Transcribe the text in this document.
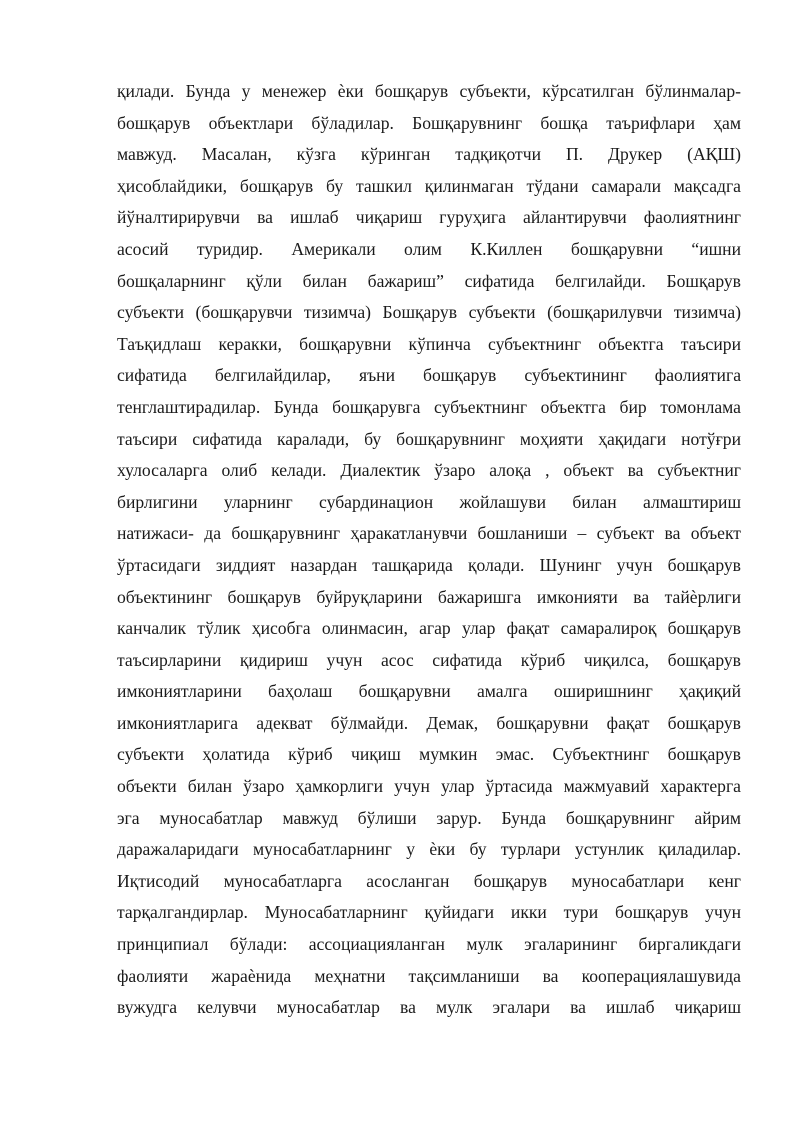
қилади. Бунда у менежер ѐки бошқарув субъекти, кўрсатилган бўлинмалар-
бошқарув объектлари бўладилар. Бошқарувнинг бошқа таърифлари ҳам
мавжуд. Масалан, кўзга кўринган тадқиқотчи П. Друкер (АҚШ)
ҳисоблайдики, бошқарув бу ташкил қилинмаган тўдани самарали мақсадга
йўналтирирувчи ва ишлаб чиқариш гуруҳига айлантирувчи фаолиятнинг
асосий туридир. Америкали олим К.Киллен бошқарувни “ишни
бошқаларнинг қўли билан бажариш” сифатида белгилайди. Бошқарув
субъекти (бошқарувчи тизимча) Бошқарув субъекти (бошқарилувчи тизимча)
Таъқидлаш керакки, бошқарувни кўпинча субъектнинг объектга таъсири
сифатида белгилайдилар, яъни бошқарув субъектининг фаолиятига
тенглаштирадилар. Бунда бошқарувга субъектнинг объектга бир томонлама
таъсири сифатида каралади, бу бошқарувнинг моҳияти ҳақидаги нотўғри
хулосаларга олиб келади. Диалектик ўзаро алоқа , объект ва субъектниг
бирлигини уларнинг субардинацион жойлашуви билан алмаштириш
натижаси- да бошқарувнинг ҳаракатланувчи бошланиши – субъект ва объект
ўртасидаги зиддият назардан ташқарида қолади. Шунинг учун бошқарув
объектининг бошқарув буйруқларини бажаришга имконияти ва тайѐрлиги
канчалик тўлик ҳисобга олинмасин, агар улар фақат самаралироқ бошқарув
таъсирларини қидириш учун асос сифатида кўриб чиқилса, бошқарув
имкониятларини баҳолаш бошқарувни амалга оширишнинг ҳақиқий
имкониятларига адекват бўлмайди. Демак, бошқарувни фақат бошқарув
субъекти ҳолатида кўриб чиқиш мумкин эмас. Субъектнинг бошқарув
объекти билан ўзаро ҳамкорлиги учун улар ўртасида мажмуавий характерга
эга муносабатлар мавжуд бўлиши зарур. Бунда бошқарувнинг айрим
даражаларидаги муносабатларнинг у ѐки бу турлари устунлик қиладилар.
Иқтисодий муносабатларга асосланган бошқарув муносабатлари кенг
тарқалгандирлар. Муносабатларнинг қуйидаги икки тури бошқарув учун
принципиал бўлади: ассоциацияланган мулк эгаларининг биргаликдаги
фаолияти жараѐнида меҳнатни тақсимланиши ва кооперациялашувида
вужудга келувчи муносабатлар ва мулк эгалари ва ишлаб чиқариш
